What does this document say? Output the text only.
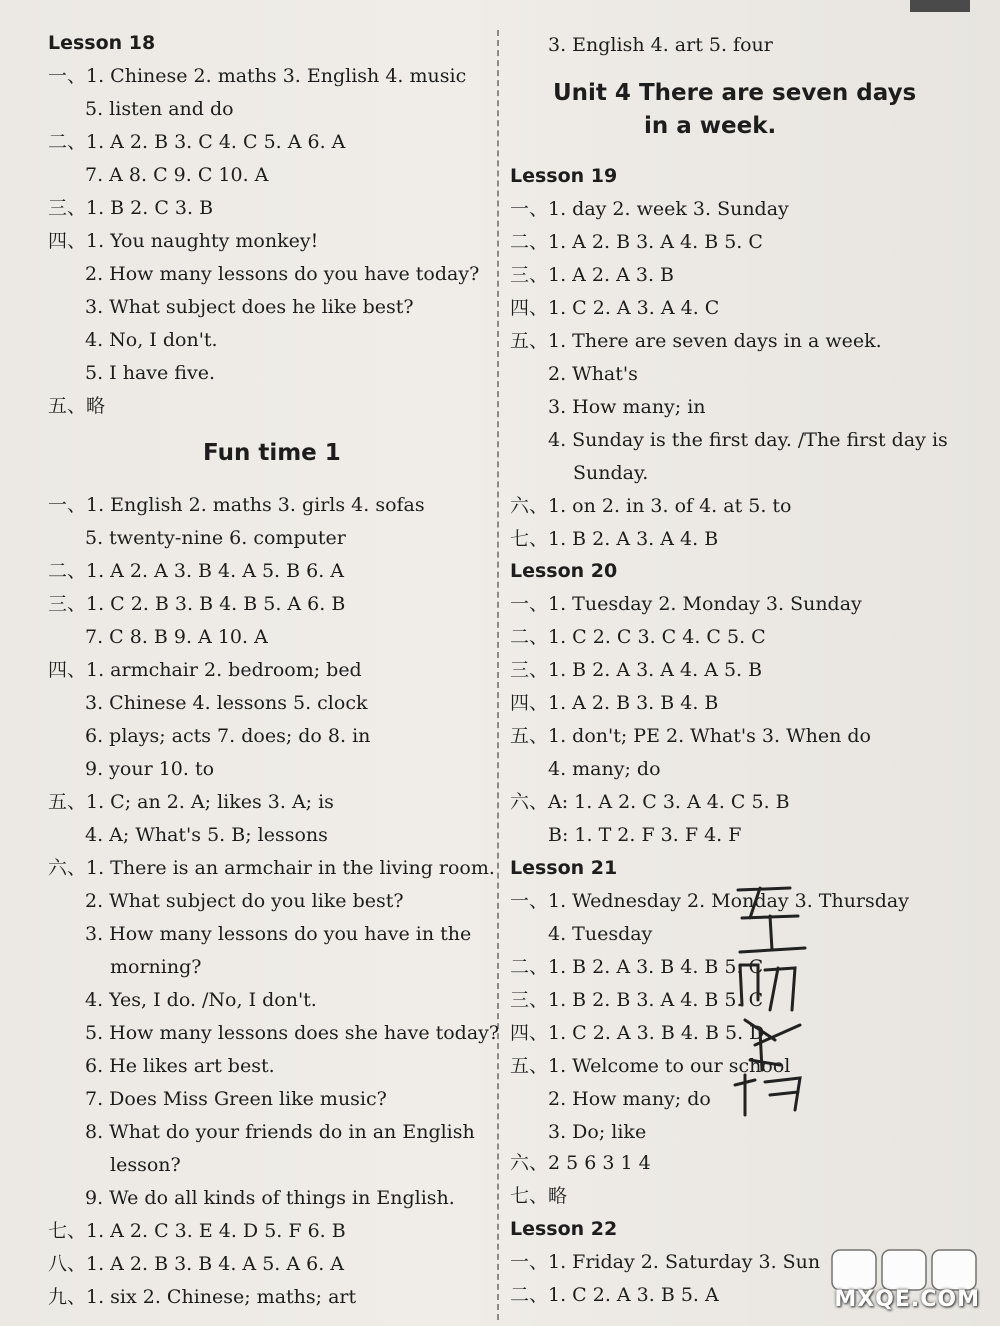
Lesson 18
一、1. Chinese 2. maths 3. English 4. music
5. listen and do
二、1. A 2. B 3. C 4. C 5. A 6. A
7. A 8. C 9. C 10. A
三、1. B 2. C 3. B
四、1. You naughty monkey!
2. How many lessons do you have today?
3. What subject does he like best?
4. No, I don't.
5. I have five.
五、略
Fun time 1
一、1. English 2. maths 3. girls 4. sofas
5. twenty-nine 6. computer
二、1. A 2. A 3. B 4. A 5. B 6. A
三、1. C 2. B 3. B 4. B 5. A 6. B
7. C 8. B 9. A 10. A
四、1. armchair 2. bedroom; bed
3. Chinese 4. lessons 5. clock
6. plays; acts 7. does; do 8. in
9. your 10. to
五、1. C; an 2. A; likes 3. A; is
4. A; What's 5. B; lessons
六、1. There is an armchair in the living room.
2. What subject do you like best?
3. How many lessons do you have in the
morning?
4. Yes, I do. /No, I don't.
5. How many lessons does she have today?
6. He likes art best.
7. Does Miss Green like music?
8. What do your friends do in an English
lesson?
9. We do all kinds of things in English.
七、1. A 2. C 3. E 4. D 5. F 6. B
八、1. A 2. B 3. B 4. A 5. A 6. A
九、1. six 2. Chinese; maths; art
3. English 4. art 5. four
Unit 4 There are seven days
in a week.
Lesson 19
一、1. day 2. week 3. Sunday
二、1. A 2. B 3. A 4. B 5. C
三、1. A 2. A 3. B
四、1. C 2. A 3. A 4. C
五、1. There are seven days in a week.
2. What's
3. How many; in
4. Sunday is the first day. /The first day is
Sunday.
六、1. on 2. in 3. of 4. at 5. to
七、1. B 2. A 3. A 4. B
Lesson 20
一、1. Tuesday 2. Monday 3. Sunday
二、1. C 2. C 3. C 4. C 5. C
三、1. B 2. A 3. A 4. A 5. B
四、1. A 2. B 3. B 4. B
五、1. don't; PE 2. What's 3. When do
4. many; do
六、A: 1. A 2. C 3. A 4. C 5. B
B: 1. T 2. F 3. F 4. F
Lesson 21
一、1. Wednesday 2. Monday 3. Thursday
4. Tuesday
二、1. B 2. A 3. B 4. B 5. C
三、1. B 2. B 3. A 4. B 5. C
四、1. C 2. A 3. B 4. B 5. D
五、1. Welcome to our school
2. How many; do
3. Do; like
六、2 5 6 3 1 4
七、略
Lesson 22
一、1. Friday 2. Saturday 3. Sun
二、1. C 2. A 3. B 5. A	MXQE.COM
